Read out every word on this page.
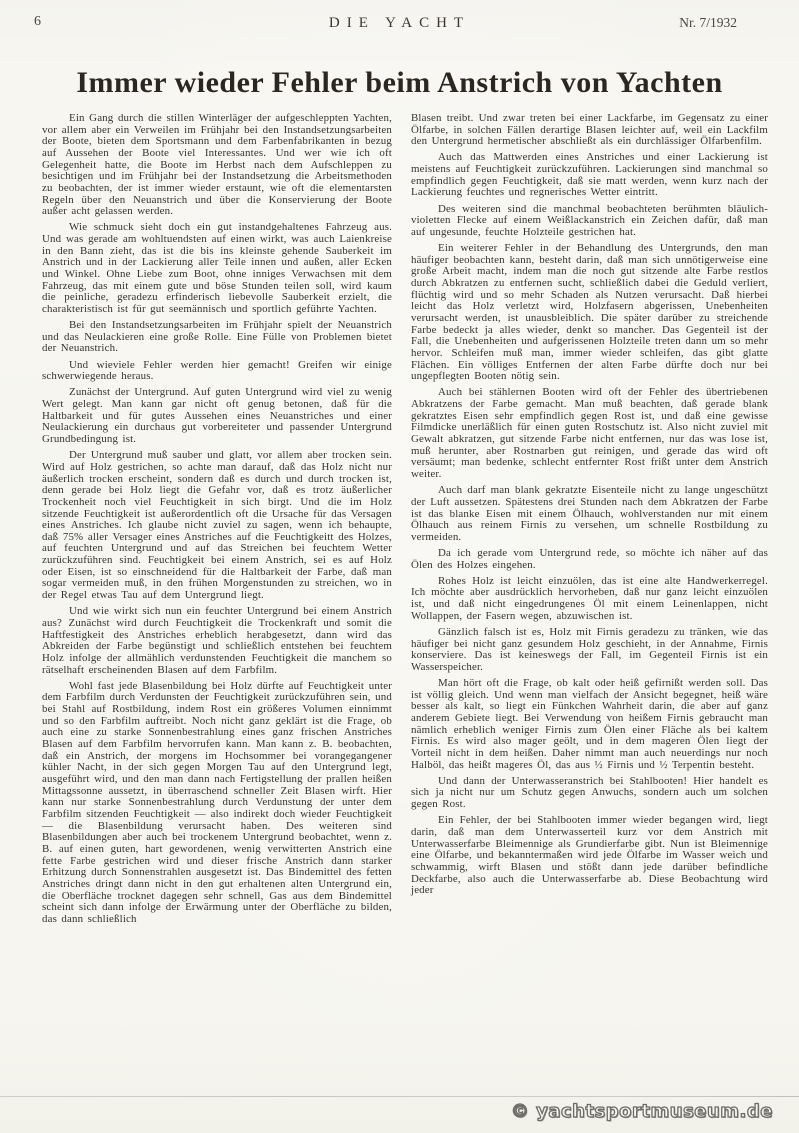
6	DIE YACHT	Nr. 7/1932
Immer wieder Fehler beim Anstrich von Yachten

Ein Gang durch die stillen Winterläger der aufgeschleppten Yachten, vor allem aber ein Verweilen im Frühjahr bei den Instandsetzungsarbeiten der Boote, bieten dem Sportsmann und dem Farbenfabrikanten in bezug auf Aussehen der Boote viel Interessantes. Und wer wie ich oft Gelegenheit hatte, die Boote im Herbst nach dem Aufschleppen zu besichtigen und im Frühjahr bei der Instandsetzung die Arbeitsmethoden zu beobachten, der ist immer wieder erstaunt, wie oft die elementarsten Regeln über den Neuanstrich und über die Konservierung der Boote außer acht gelassen werden.

Wie schmuck sieht doch ein gut instandgehaltenes Fahrzeug aus. Und was gerade am wohltuendsten auf einen wirkt, was auch Laienkreise in den Bann zieht, das ist die bis ins kleinste gehende Sauberkeit im Anstrich und in der Lackierung aller Teile innen und außen, aller Ecken und Winkel. Ohne Liebe zum Boot, ohne inniges Verwachsen mit dem Fahrzeug, das mit einem gute und böse Stunden teilen soll, wird kaum die peinliche, geradezu erfinderisch liebevolle Sauberkeit erzielt, die charakteristisch ist für gut seemännisch und sportlich geführte Yachten.

Bei den Instandsetzungsarbeiten im Frühjahr spielt der Neuanstrich und das Neulackieren eine große Rolle. Eine Fülle von Problemen bietet der Neuanstrich.

Und wieviele Fehler werden hier gemacht! Greifen wir einige schwerwiegende heraus.

Zunächst der Untergrund. Auf guten Untergrund wird viel zu wenig Wert gelegt. Man kann gar nicht oft genug betonen, daß für die Haltbarkeit und für gutes Aussehen eines Neuanstriches und einer Neulackierung ein durchaus gut vorbereiteter und passender Untergrund Grundbedingung ist.

Der Untergrund muß sauber und glatt, vor allem aber trocken sein. Wird auf Holz gestrichen, so achte man darauf, daß das Holz nicht nur äußerlich trocken erscheint, sondern daß es durch und durch trocken ist, denn gerade bei Holz liegt die Gefahr vor, daß es trotz äußerlicher Trockenheit noch viel Feuchtigkeit in sich birgt. Und die im Holz sitzende Feuchtigkeit ist außerordentlich oft die Ursache für das Versagen eines Anstriches. Ich glaube nicht zuviel zu sagen, wenn ich behaupte, daß 75% aller Versager eines Anstriches auf die Feuchtigkeitt des Holzes, auf feuchten Untergrund und auf das Streichen bei feuchtem Wetter zurückzuführen sind. Feuchtigkeit bei einem Anstrich, sei es auf Holz oder Eisen, ist so einschneidend für die Haltbarkeit der Farbe, daß man sogar vermeiden muß, in den frühen Morgenstunden zu streichen, wo in der Regel etwas Tau auf dem Untergrund liegt.

Und wie wirkt sich nun ein feuchter Untergrund bei einem Anstrich aus? Zunächst wird durch Feuchtigkeit die Trockenkraft und somit die Haftfestigkeit des Anstriches erheblich herabgesetzt, dann wird das Abkreiden der Farbe begünstigt und schließlich entstehen bei feuchtem Holz infolge der allmählich verdunstenden Feuchtigkeit die manchem so rätselhaft erscheinenden Blasen auf dem Farbfilm.

Wohl fast jede Blasenbildung bei Holz dürfte auf Feuchtigkeit unter dem Farbfilm durch Verdunsten der Feuchtigkeit zurückzuführen sein, und bei Stahl auf Rostbildung, indem Rost ein größeres Volumen einnimmt und so den Farbfilm auftreibt. Noch nicht ganz geklärt ist die Frage, ob auch eine zu starke Sonnenbestrahlung eines ganz frischen Anstriches Blasen auf dem Farbfilm hervorrufen kann. Man kann z. B. beobachten, daß ein Anstrich, der morgens im Hochsommer bei vorangegangener kühler Nacht, in der sich gegen Morgen Tau auf den Untergrund legt, ausgeführt wird, und den man dann nach Fertigstellung der prallen heißen Mittagssonne aussetzt, in überraschend schneller Zeit Blasen wirft. Hier kann nur starke Sonnenbestrahlung durch Verdunstung der unter dem Farbfilm sitzenden Feuchtigkeit — also indirekt doch wieder Feuchtigkeit — die Blasenbildung verursacht haben. Des weiteren sind Blasenbildungen aber auch bei trockenem Untergrund beobachtet, wenn z. B. auf einen guten, hart gewordenen, wenig verwitterten Anstrich eine fette Farbe gestrichen wird und dieser frische Anstrich dann starker Erhitzung durch Sonnenstrahlen ausgesetzt ist. Das Bindemittel des fetten Anstriches dringt dann nicht in den gut erhaltenen alten Untergrund ein, die Oberfläche trocknet dagegen sehr schnell, Gas aus dem Bindemittel scheint sich dann infolge der Erwärmung unter der Oberfläche zu bilden, das dann schließlich

Blasen treibt. Und zwar treten bei einer Lackfarbe, im Gegensatz zu einer Ölfarbe, in solchen Fällen derartige Blasen leichter auf, weil ein Lackfilm den Untergrund hermetischer abschließt als ein durchlässiger Ölfarbenfilm.

Auch das Mattwerden eines Anstriches und einer Lackierung ist meistens auf Feuchtigkeit zurückzuführen. Lackierungen sind manchmal so empfindlich gegen Feuchtigkeit, daß sie matt werden, wenn kurz nach der Lackierung feuchtes und regnerisches Wetter eintritt.

Des weiteren sind die manchmal beobachteten berühmten bläulich-violetten Flecke auf einem Weißlackanstrich ein Zeichen dafür, daß man auf ungesunde, feuchte Holzteile gestrichen hat.

Ein weiterer Fehler in der Behandlung des Untergrunds, den man häufiger beobachten kann, besteht darin, daß man sich unnötigerweise eine große Arbeit macht, indem man die noch gut sitzende alte Farbe restlos durch Abkratzen zu entfernen sucht, schließlich dabei die Geduld verliert, flüchtig wird und so mehr Schaden als Nutzen verursacht. Daß hierbei leicht das Holz verletzt wird, Holzfasern abgerissen, Unebenheiten verursacht werden, ist unausbleiblich. Die später darüber zu streichende Farbe bedeckt ja alles wieder, denkt so mancher. Das Gegenteil ist der Fall, die Unebenheiten und aufgerissenen Holzteile treten dann um so mehr hervor. Schleifen muß man, immer wieder schleifen, das gibt glatte Flächen. Ein völliges Entfernen der alten Farbe dürfte doch nur bei ungepflegten Booten nötig sein.

Auch bei stählernen Booten wird oft der Fehler des übertriebenen Abkratzens der Farbe gemacht. Man muß beachten, daß gerade blank gekratztes Eisen sehr empfindlich gegen Rost ist, und daß eine gewisse Filmdicke unerläßlich für einen guten Rostschutz ist. Also nicht zuviel mit Gewalt abkratzen, gut sitzende Farbe nicht entfernen, nur das was lose ist, muß herunter, aber Rostnarben gut reinigen, und gerade das wird oft versäumt; man bedenke, schlecht entfernter Rost frißt unter dem Anstrich weiter.

Auch darf man blank gekratzte Eisenteile nicht zu lange ungeschützt der Luft aussetzen. Spätestens drei Stunden nach dem Abkratzen der Farbe ist das blanke Eisen mit einem Ölhauch, wohlverstanden nur mit einem Ölhauch aus reinem Firnis zu versehen, um schnelle Rostbildung zu vermeiden.

Da ich gerade vom Untergrund rede, so möchte ich näher auf das Ölen des Holzes eingehen.

Rohes Holz ist leicht einzuölen, das ist eine alte Handwerkerregel. Ich möchte aber ausdrücklich hervorheben, daß nur ganz leicht einzuölen ist, und daß nicht eingedrungenes Öl mit einem Leinenlappen, nicht Wollappen, der Fasern wegen, abzuwischen ist.

Gänzlich falsch ist es, Holz mit Firnis geradezu zu tränken, wie das häufiger bei nicht ganz gesundem Holz geschieht, in der Annahme, Firnis konserviere. Das ist keineswegs der Fall, im Gegenteil Firnis ist ein Wasserspeicher.

Man hört oft die Frage, ob kalt oder heiß gefirnißt werden soll. Das ist völlig gleich. Und wenn man vielfach der Ansicht begegnet, heiß wäre besser als kalt, so liegt ein Fünkchen Wahrheit darin, die aber auf ganz anderem Gebiete liegt. Bei Verwendung von heißem Firnis gebraucht man nämlich erheblich weniger Firnis zum Ölen einer Fläche als bei kaltem Firnis. Es wird also mager geölt, und in dem mageren Ölen liegt der Vorteil nicht in dem heißen. Daher nimmt man auch neuerdings nur noch Halböl, das heißt mageres Öl, das aus ½ Firnis und ½ Terpentin besteht.

Und dann der Unterwasseranstrich bei Stahlbooten! Hier handelt es sich ja nicht nur um Schutz gegen Anwuchs, sondern auch um solchen gegen Rost.

Ein Fehler, der bei Stahlbooten immer wieder begangen wird, liegt darin, daß man dem Unterwasserteil kurz vor dem Anstrich mit Unterwasserfarbe Bleimennige als Grundierfarbe gibt. Nun ist Bleimennige eine Ölfarbe, und bekanntermaßen wird jede Ölfarbe im Wasser weich und schwammig, wirft Blasen und stößt dann jede darüber befindliche Deckfarbe, also auch die Unterwasserfarbe ab. Diese Beobachtung wird jeder

© yachtsportmuseum.de
